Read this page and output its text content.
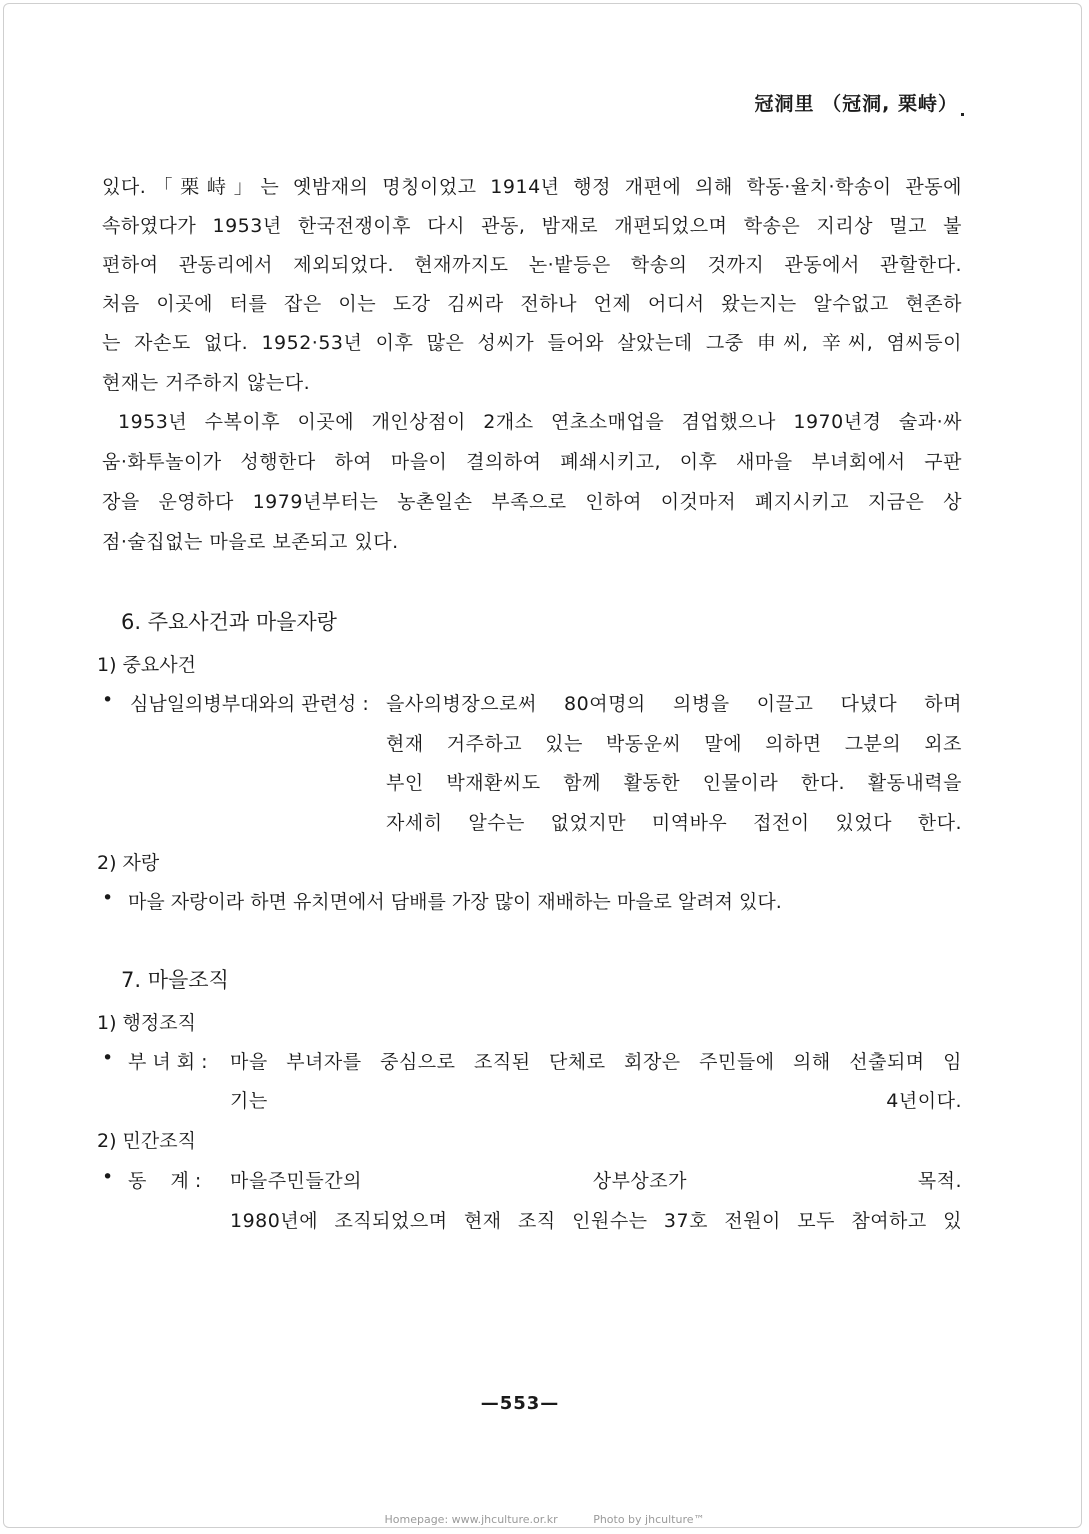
冠洞里 （冠洞, 栗峙）
있다.「栗峙」는 옛밤재의 명칭이었고 1914년 행정 개편에 의해 학동·율치·학송이 관동에
속하였다가 1953년 한국전쟁이후 다시 관동, 밤재로 개편되었으며 학송은 지리상 멀고 불
편하여 관동리에서 제외되었다. 현재까지도 논·밭등은 학송의 것까지 관동에서 관할한다.
처음 이곳에 터를 잡은 이는 도강 김씨라 전하나 언제 어디서 왔는지는 알수없고 현존하
는 자손도 없다. 1952·53년 이후 많은 성씨가 들어와 살았는데 그중 申씨, 辛씨, 염씨등이
현재는 거주하지 않는다.
1953년 수복이후 이곳에 개인상점이 2개소 연초소매업을 겸업했으나 1970년경 술과·싸
움·화투놀이가 성행한다 하여 마을이 결의하여 폐쇄시키고, 이후 새마을 부녀회에서 구판
장을 운영하다 1979년부터는 농촌일손 부족으로 인하여 이것마저 폐지시키고 지금은 상
점·술집없는 마을로 보존되고 있다.
6. 주요사건과 마을자랑
1) 중요사건
• 심남일의병부대와의 관련성 : 을사의병장으로써 80여명의 의병을 이끌고 다녔다 하며
현재 거주하고 있는 박동운씨 말에 의하면 그분의 외조
부인 박재환씨도 함께 활동한 인물이라 한다. 활동내력을
자세히 알수는 없었지만 미역바우 접전이 있었다 한다.
2) 자랑
• 마을 자랑이라 하면 유치면에서 담배를 가장 많이 재배하는 마을로 알려져 있다.
7. 마을조직
1) 행정조직
• 부 녀 회 : 마을 부녀자를 중심으로 조직된 단체로 회장은 주민들에 의해 선출되며 임
기는 4년이다.
2) 민간조직
• 동    계 : 마을주민들간의 상부상조가 목적.
1980년에 조직되었으며 현재 조직 인원수는 37호 전원이 모두 참여하고 있
—553—
Homepage: www.jhculture.or.kr	Photo by jhculture™
